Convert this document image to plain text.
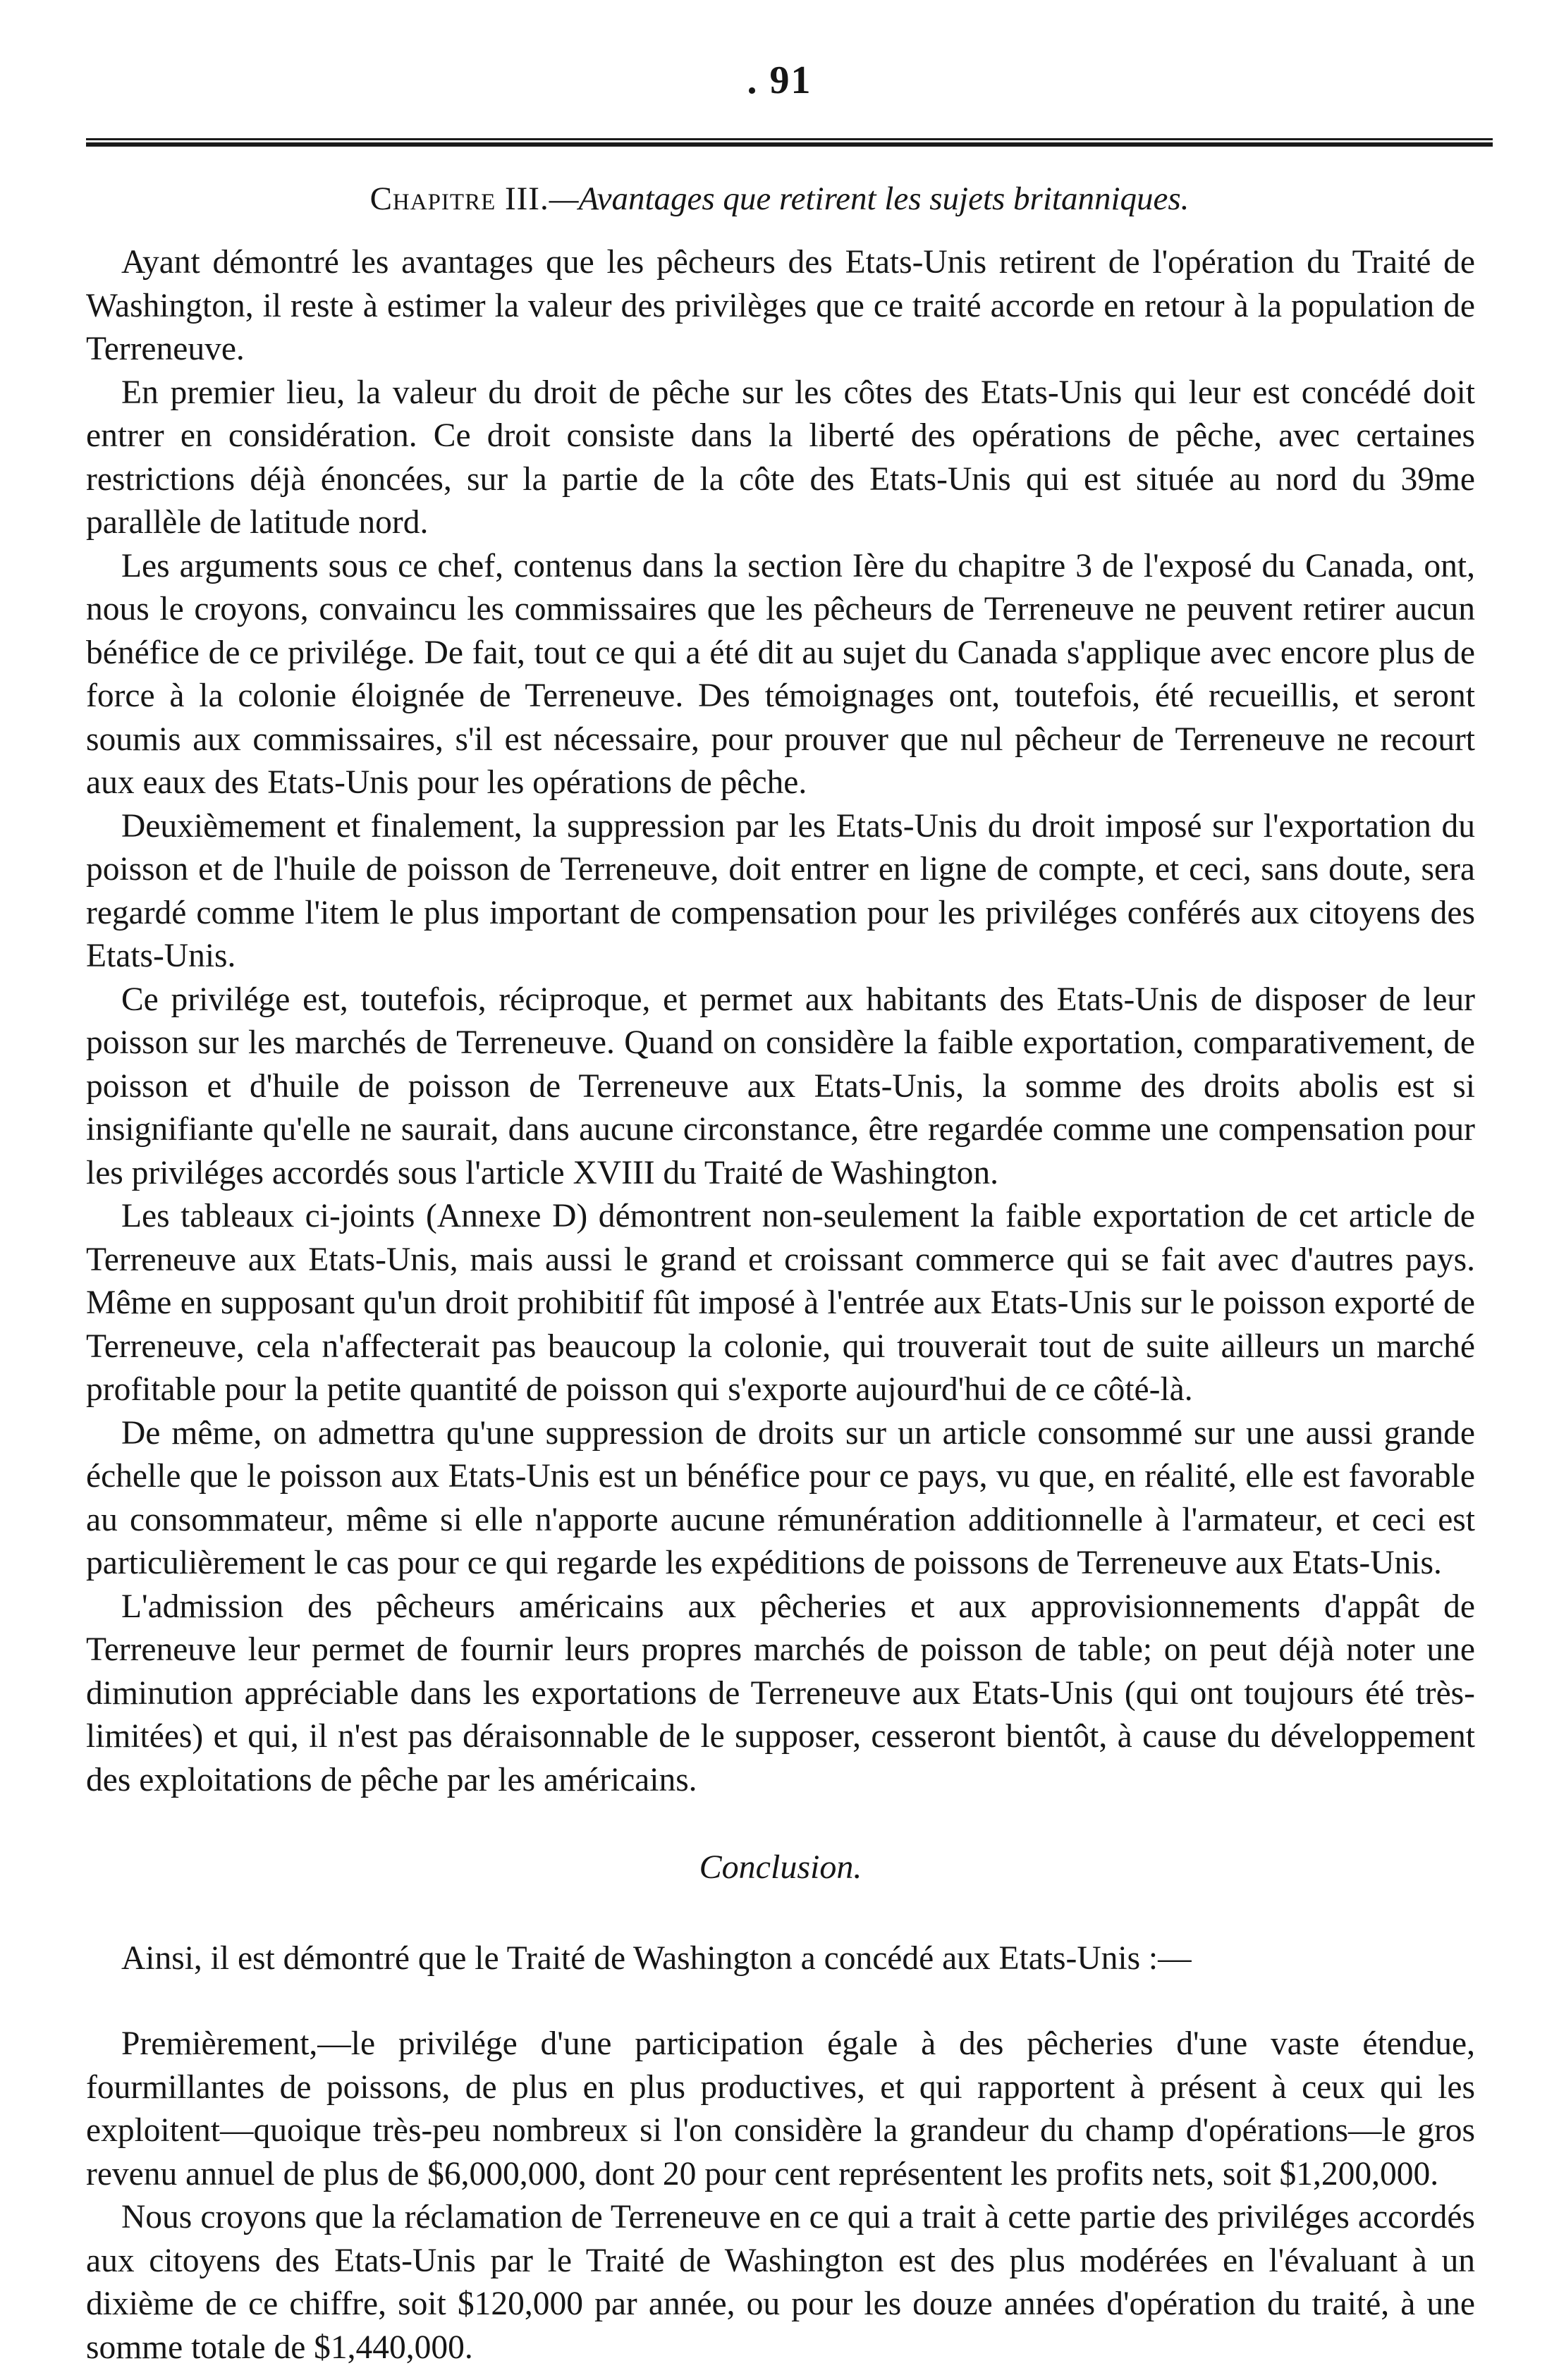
. 91
Chapitre III.—Avantages que retirent les sujets britanniques.

Ayant démontré les avantages que les pêcheurs des Etats-Unis retirent de l'opération du Traité de Washington, il reste à estimer la valeur des privilèges que ce traité accorde en retour à la population de Terreneuve.

En premier lieu, la valeur du droit de pêche sur les côtes des Etats-Unis qui leur est concédé doit entrer en considération. Ce droit consiste dans la liberté des opérations de pêche, avec certaines restrictions déjà énoncées, sur la partie de la côte des Etats-Unis qui est située au nord du 39me parallèle de latitude nord.

Les arguments sous ce chef, contenus dans la section Ière du chapitre 3 de l'exposé du Canada, ont, nous le croyons, convaincu les commissaires que les pêcheurs de Terreneuve ne peuvent retirer aucun bénéfice de ce privilége. De fait, tout ce qui a été dit au sujet du Canada s'applique avec encore plus de force à la colonie éloignée de Terreneuve. Des témoignages ont, toutefois, été recueillis, et seront soumis aux commissaires, s'il est nécessaire, pour prouver que nul pêcheur de Terreneuve ne recourt aux eaux des Etats-Unis pour les opérations de pêche.

Deuxièmement et finalement, la suppression par les Etats-Unis du droit imposé sur l'exportation du poisson et de l'huile de poisson de Terreneuve, doit entrer en ligne de compte, et ceci, sans doute, sera regardé comme l'item le plus important de compensation pour les priviléges conférés aux citoyens des Etats-Unis.

Ce privilége est, toutefois, réciproque, et permet aux habitants des Etats-Unis de disposer de leur poisson sur les marchés de Terreneuve. Quand on considère la faible exportation, comparativement, de poisson et d'huile de poisson de Terreneuve aux Etats-Unis, la somme des droits abolis est si insignifiante qu'elle ne saurait, dans aucune circonstance, être regardée comme une compensation pour les priviléges accordés sous l'article XVIII du Traité de Washington.

Les tableaux ci-joints (Annexe D) démontrent non-seulement la faible exportation de cet article de Terreneuve aux Etats-Unis, mais aussi le grand et croissant commerce qui se fait avec d'autres pays. Même en supposant qu'un droit prohibitif fût imposé à l'entrée aux Etats-Unis sur le poisson exporté de Terreneuve, cela n'affecterait pas beaucoup la colonie, qui trouverait tout de suite ailleurs un marché profitable pour la petite quantité de poisson qui s'exporte aujourd'hui de ce côté-là.

De même, on admettra qu'une suppression de droits sur un article consommé sur une aussi grande échelle que le poisson aux Etats-Unis est un bénéfice pour ce pays, vu que, en réalité, elle est favorable au consommateur, même si elle n'apporte aucune rémunération additionnelle à l'armateur, et ceci est particulièrement le cas pour ce qui regarde les expéditions de poissons de Terreneuve aux Etats-Unis.

L'admission des pêcheurs américains aux pêcheries et aux approvisionnements d'appât de Terreneuve leur permet de fournir leurs propres marchés de poisson de table; on peut déjà noter une diminution appréciable dans les exportations de Terreneuve aux Etats-Unis (qui ont toujours été très-limitées) et qui, il n'est pas déraisonnable de le supposer, cesseront bientôt, à cause du développement des exploitations de pêche par les américains.

Conclusion.

Ainsi, il est démontré que le Traité de Washington a concédé aux Etats-Unis :—

Premièrement,—le privilége d'une participation égale à des pêcheries d'une vaste étendue, fourmillantes de poissons, de plus en plus productives, et qui rapportent à présent à ceux qui les exploitent—quoique très-peu nombreux si l'on considère la grandeur du champ d'opérations—le gros revenu annuel de plus de $6,000,000, dont 20 pour cent représentent les profits nets, soit $1,200,000.

Nous croyons que la réclamation de Terreneuve en ce qui a trait à cette partie des priviléges accordés aux citoyens des Etats-Unis par le Traité de Washington est des plus modérées en l'évaluant à un dixième de ce chiffre, soit $120,000 par année, ou pour les douze années d'opération du traité, à une somme totale de $1,440,000.
